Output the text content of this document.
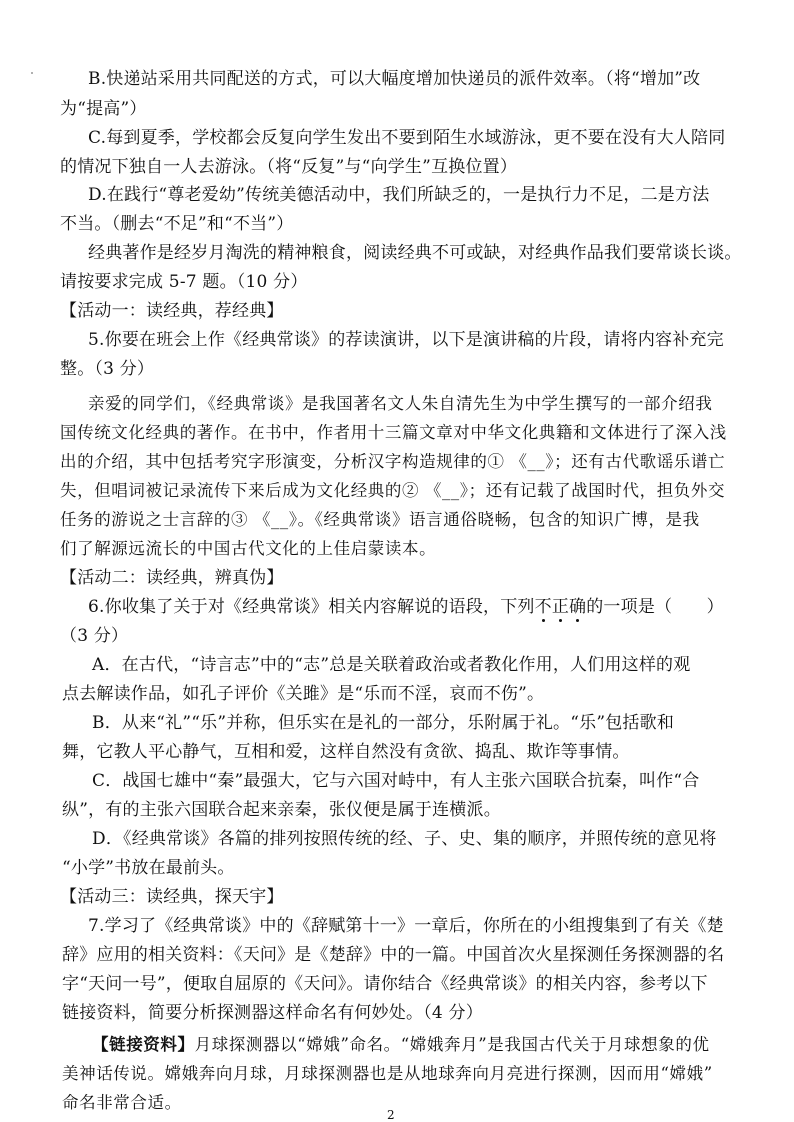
B.快递站采用共同配送的方式，可以大幅度增加快递员的派件效率。（将“增加”改
为“提高”）
C.每到夏季，学校都会反复向学生发出不要到陌生水域游泳，更不要在没有大人陪同
的情况下独自一人去游泳。（将“反复”与“向学生”互换位置）
D.在践行“尊老爱幼”传统美德活动中，我们所缺乏的，一是执行力不足，二是方法
不当。（删去“不足”和“不当”）
经典著作是经岁月淘洗的精神粮食，阅读经典不可或缺，对经典作品我们要常谈长谈。
请按要求完成 5-7 题。（10 分）
【活动一：读经典，荐经典】
5.你要在班会上作《经典常谈》的荐读演讲，以下是演讲稿的片段，请将内容补充完
整。（3 分）
亲爱的同学们，《经典常谈》是我国著名文人朱自清先生为中学生撰写的一部介绍我
国传统文化经典的著作。在书中，作者用十三篇文章对中华文化典籍和文体进行了深入浅
出的介绍，其中包括考究字形演变，分析汉字构造规律的① 《__》；还有古代歌谣乐谱亡
失，但唱词被记录流传下来后成为文化经典的② 《__》；还有记载了战国时代，担负外交
任务的游说之士言辞的③ 《__》。《经典常谈》语言通俗晓畅，包含的知识广博，是我
们了解源远流长的中国古代文化的上佳启蒙读本。
【活动二：读经典，辨真伪】
6.你收集了关于对《经典常谈》相关内容解说的语段，下列不正确的一项是（　　）
（3 分）
A．在古代，“诗言志”中的“志”总是关联着政治或者教化作用，人们用这样的观
点去解读作品，如孔子评价《关雎》是“乐而不淫，哀而不伤”。
B．从来“礼”“乐”并称，但乐实在是礼的一部分，乐附属于礼。“乐”包括歌和
舞，它教人平心静气，互相和爱，这样自然没有贪欲、捣乱、欺诈等事情。
C．战国七雄中“秦”最强大，它与六国对峙中，有人主张六国联合抗秦，叫作“合
纵”，有的主张六国联合起来亲秦，张仪便是属于连横派。
D．《经典常谈》各篇的排列按照传统的经、子、史、集的顺序，并照传统的意见将
“小学”书放在最前头。
【活动三：读经典，探天宇】
7.学习了《经典常谈》中的《辞赋第十一》一章后，你所在的小组搜集到了有关《楚
辞》应用的相关资料：《天问》是《楚辞》中的一篇。中国首次火星探测任务探测器的名
字“天问一号”，便取自屈原的《天问》。请你结合《经典常谈》的相关内容，参考以下
链接资料，简要分析探测器这样命名有何妙处。（4 分）
【链接资料】月球探测器以“嫦娥”命名。“嫦娥奔月”是我国古代关于月球想象的优
美神话传说。嫦娥奔向月球，月球探测器也是从地球奔向月亮进行探测，因而用“嫦娥”
命名非常合适。
2
